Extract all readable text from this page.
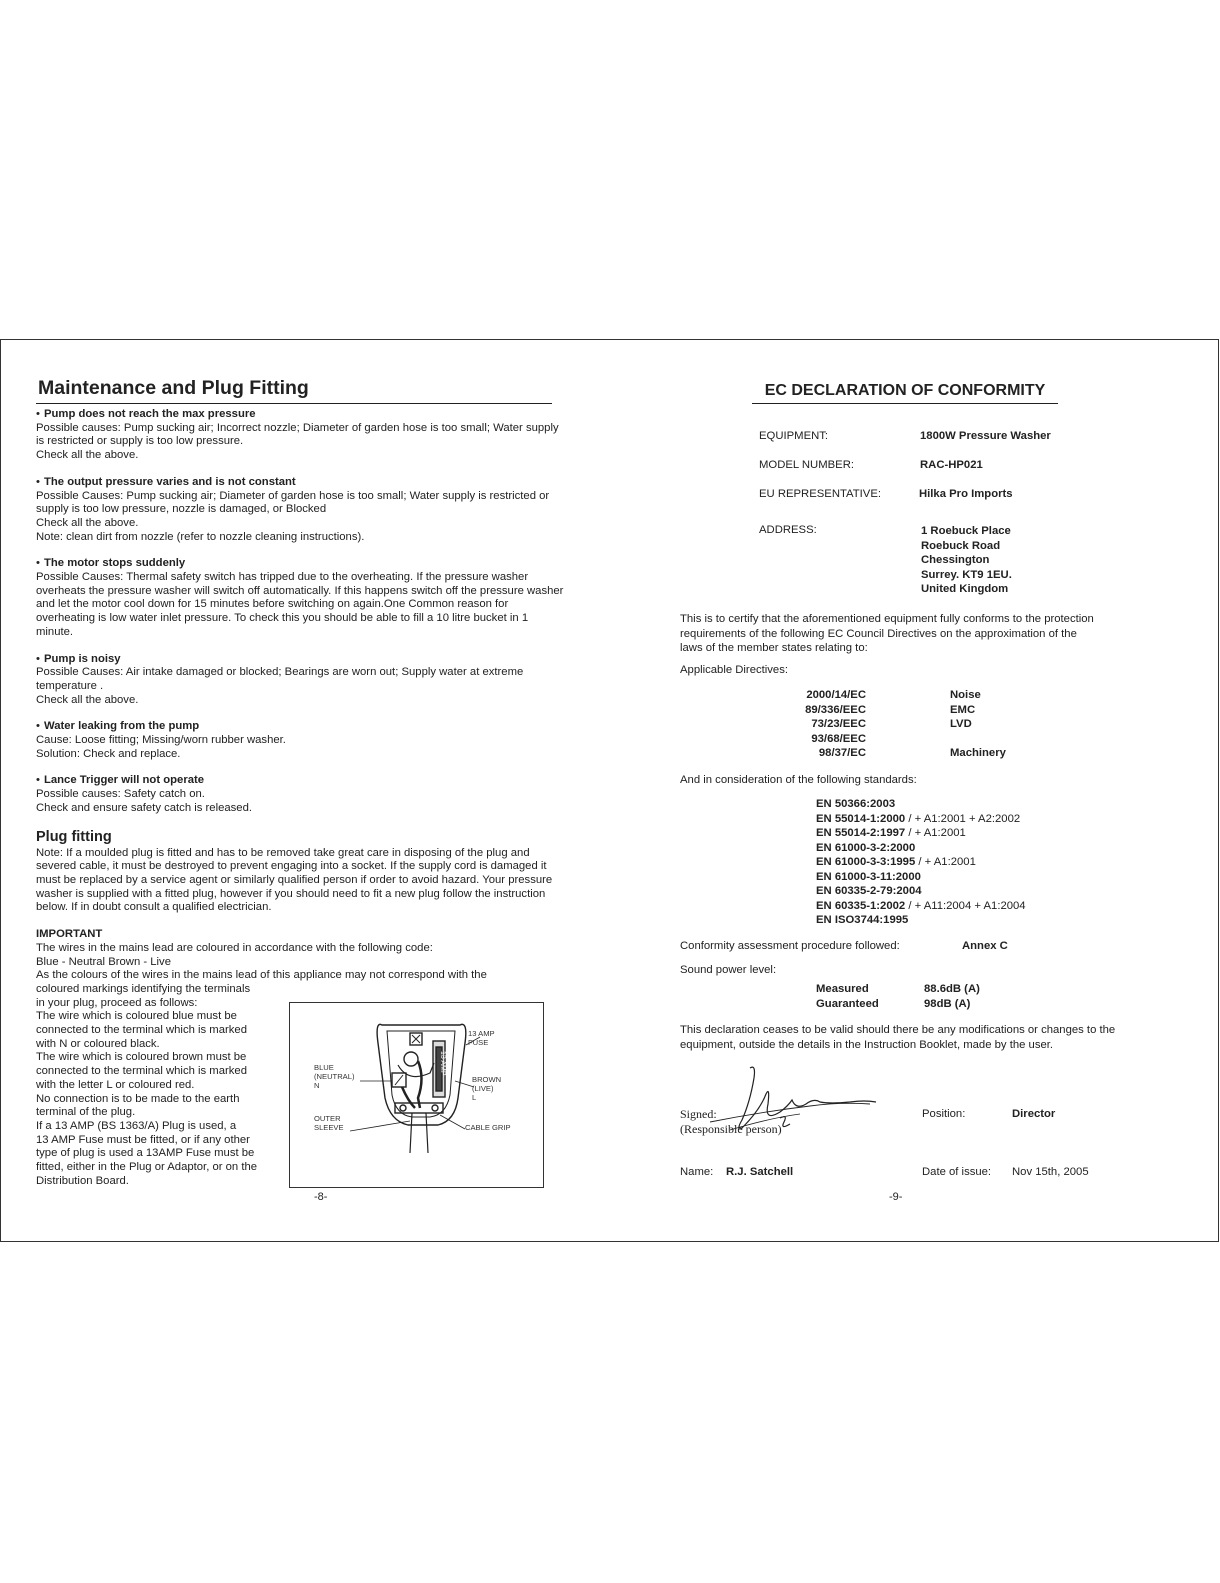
Maintenance and Plug Fitting
• Pump does not reach the max pressure
Possible causes: Pump sucking air; Incorrect nozzle; Diameter of garden hose is too small; Water supply is restricted or supply is too low pressure.
Check all the above.
• The output pressure varies and is not constant
Possible Causes: Pump sucking air; Diameter of garden hose is too small; Water supply is restricted or supply is too low pressure, nozzle is damaged, or Blocked
Check all the above.
Note: clean dirt from nozzle (refer to nozzle cleaning instructions).
• The motor stops suddenly
Possible Causes: Thermal safety switch has tripped due to the overheating. If the pressure washer overheats the pressure washer will switch off automatically. If this happens switch off the pressure washer and let the motor cool down for 15 minutes before switching on again.One Common reason for overheating is low water inlet pressure. To check this you should be able to fill a 10 litre bucket in 1 minute.
• Pump is noisy
Possible Causes: Air intake damaged or blocked; Bearings are worn out; Supply water at extreme temperature .
Check all the above.
• Water leaking from the pump
Cause: Loose fitting; Missing/worn rubber washer.
Solution: Check and replace.
• Lance Trigger will not operate
Possible causes: Safety catch on.
Check and ensure safety catch is released.
Plug fitting
Note: If a moulded plug is fitted and has to be removed take great care in disposing of the plug and severed cable, it must be destroyed to prevent engaging into a socket. If the supply cord is damaged it must be replaced by a service agent or similarly qualified person if order to avoid hazard. Your pressure washer is supplied with a fitted plug, however if you should need to fit a new plug follow the instruction below. If in doubt consult a qualified electrician.
IMPORTANT
The wires in the mains lead are coloured in accordance with the following code:
Blue - Neutral Brown - Live
As the colours of the wires in the mains lead of this appliance may not correspond with the
coloured markings identifying the terminals
in your plug, proceed as follows:
The wire which is coloured blue must be
connected to the terminal which is marked
with N or coloured black.
The wire which is coloured brown must be
connected to the terminal which is marked
with the letter L or coloured red.
No connection is to be made to the earth
terminal of the plug.
If a 13 AMP (BS 1363/A) Plug is used, a
13 AMP Fuse must be fitted, or if any other
type of plug is used a 13AMP Fuse must be
fitted, either in the Plug or Adaptor, or on the
Distribution Board.
13 AMP
13 AMP
FUSE
BLUE
(NEUTRAL)
N
BROWN
(LIVE)
L
OUTER
SLEEVE	CABLE GRIP
-8-
EC DECLARATION OF CONFORMITY
EQUIPMENT:	1800W Pressure Washer
MODEL NUMBER:	RAC-HP021
EU REPRESENTATIVE:	Hilka Pro Imports
ADDRESS:	1 Roebuck Place
Roebuck Road
Chessington
Surrey. KT9 1EU.
United Kingdom
This is to certify that the aforementioned equipment fully conforms to the protection
requirements of the following EC Council Directives on the approximation of the
laws of the member states relating to:
Applicable Directives:
2000/14/EC	Noise
89/336/EEC	EMC
73/23/EEC	LVD
93/68/EEC
98/37/EC	Machinery
And in consideration of the following standards:
EN 50366:2003
EN 55014-1:2000 / + A1:2001 + A2:2002
EN 55014-2:1997 / + A1:2001
EN 61000-3-2:2000
EN 61000-3-3:1995 / + A1:2001
EN 61000-3-11:2000
EN 60335-2-79:2004
EN 60335-1:2002 / + A11:2004 + A1:2004
EN ISO3744:1995
Conformity assessment procedure followed:	Annex C
Sound power level:
Measured	88.6dB (A)
Guaranteed	98dB (A)
This declaration ceases to be valid should there be any modifications or changes to the
equipment, outside the details in the Instruction Booklet, made by the user.
Signed:
(Responsible person)
Position:	Director
Name: R.J. Satchell	Date of issue: Nov 15th, 2005
-9-
